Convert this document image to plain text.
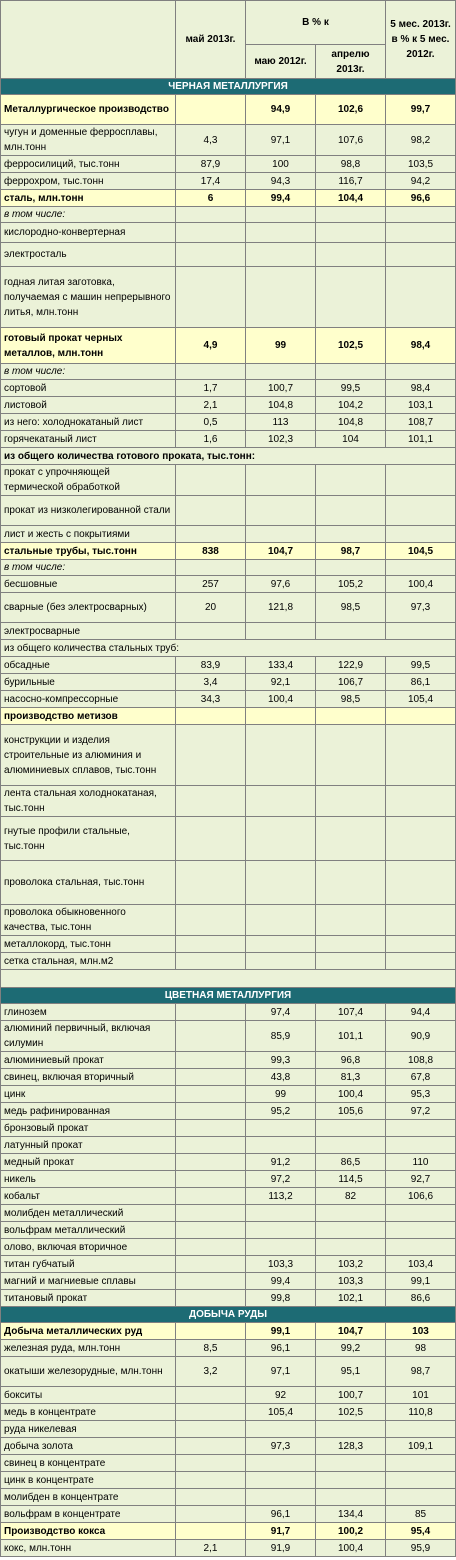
	май 2013г.	В % к		5 мес. 2013г. в % к 5 мес. 2012г.
		маю 2012г.	апрелю 2013г.	
ЧЕРНАЯ МЕТАЛЛУРГИЯ				
Металлургическое производство		94,9	102,6	99,7
чугун и доменные ферросплавы, млн.тонн	4,3	97,1	107,6	98,2
ферросилиций, тыс.тонн	87,9	100	98,8	103,5
феррохром, тыс.тонн	17,4	94,3	116,7	94,2
сталь, млн.тонн	6	99,4	104,4	96,6
в том числе:				
кислородно-конвертерная				
электросталь				
годная литая заготовка, получаемая с машин непрерывного литья, млн.тонн				
готовый прокат черных металлов, млн.тонн	4,9	99	102,5	98,4
в том числе:				
сортовой	1,7	100,7	99,5	98,4
листовой	2,1	104,8	104,2	103,1
из него: холоднокатаный лист	0,5	113	104,8	108,7
горячекатаный лист	1,6	102,3	104	101,1
из общего количества готового проката, тыс.тонн:				
прокат с упрочняющей термической обработкой				
прокат из низколегированной стали				
лист и жесть с покрытиями				
стальные трубы, тыс.тонн	838	104,7	98,7	104,5
в том числе:				
бесшовные	257	97,6	105,2	100,4
сварные (без электросварных)	20	121,8	98,5	97,3
электросварные				
из общего количества стальных труб:				
обсадные	83,9	133,4	122,9	99,5
бурильные	3,4	92,1	106,7	86,1
насосно-компрессорные	34,3	100,4	98,5	105,4
производство метизов				
конструкции и изделия строительные из алюминия и алюминиевых сплавов, тыс.тонн				
лента стальная холоднокатаная, тыс.тонн				
гнутые профили стальные, тыс.тонн				
проволока стальная, тыс.тонн				
проволока обыкновенного качества, тыс.тонн				
металлокорд, тыс.тонн				
сетка стальная, млн.м2				

ЦВЕТНАЯ МЕТАЛЛУРГИЯ				
глинозем		97,4	107,4	94,4
алюминий первичный, включая силумин		85,9	101,1	90,9
алюминиевый прокат		99,3	96,8	108,8
свинец, включая вторичный		43,8	81,3	67,8
цинк		99	100,4	95,3
медь рафинированная		95,2	105,6	97,2
бронзовый прокат				
латунный прокат				
медный прокат		91,2	86,5	110
никель		97,2	114,5	92,7
кобальт		113,2	82	106,6
молибден металлический				
вольфрам металлический				
олово, включая вторичное				
титан губчатый		103,3	103,2	103,4
магний и магниевые сплавы		99,4	103,3	99,1
титановый прокат		99,8	102,1	86,6
ДОБЫЧА РУДЫ				
Добыча металлических руд		99,1	104,7	103
железная руда, млн.тонн	8,5	96,1	99,2	98
окатыши железорудные, млн.тонн	3,2	97,1	95,1	98,7
бокситы		92	100,7	101
медь в концентрате		105,4	102,5	110,8
руда никелевая				
добыча золота		97,3	128,3	109,1
свинец в концентрате				
цинк в концентрате				
молибден в концентрате				
вольфрам в концентрате		96,1	134,4	85
Производство кокса		91,7	100,2	95,4
кокс, млн.тонн	2,1	91,9	100,4	95,9
